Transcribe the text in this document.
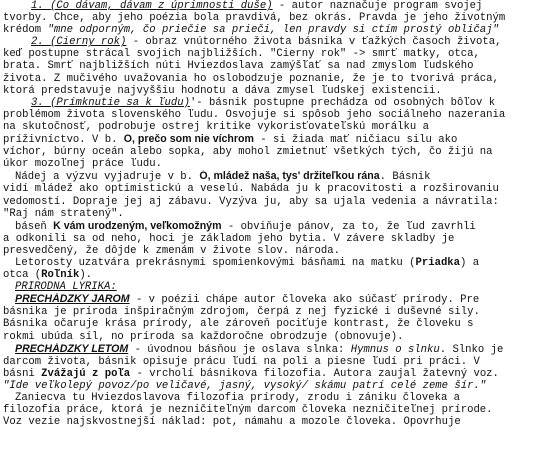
1. (Čo dávam, dávam z úprimnosti duše) - autor naznačuje program svojej
tvorby. Chce, aby jeho poézia bola pravdivá, bez okrás. Pravda je jeho životným
krédom "mne odporným, čo priečie sa prieči, len pravdy si ctím prostý obličaj"
2. (Čierny rok) - obraz vnútorného života básnika v ťažkých časoch života,
keď postupne strácal svojich najbližších. "Čierny rok" -> smrť matky, otca,
brata. Smrť najbližších núti Hviezdoslava zamýšľať sa nad zmyslom ľudského
života. Z mučivého uvažovania ho oslobodzuje poznanie, že je to tvorivá práca,
ktorá predstavuje najvyššiu hodnotu a dáva zmysel ľudskej existencii.
3. (Prímknutie sa k ľudu)'- básnik postupne prechádza od osobných bôľov k
problémom života slovenského ľudu. Osvojuje si spôsob jeho sociálneho nazerania
na skutočnosť, podrobuje ostrej kritike vykorisťovateľskú morálku a
príživníctvo. V b. O, prečo som nie víchrom - si žiada mať ničiacu silu ako
víchor, búrny oceán alebo sopka, aby mohol zmietnuť všetkých tých, čo žijú na
úkor mozoľnej práce ľudu.
Nádej a výzvu vyjadruje v b. Ó, mládež naša, tys' držiteľkou rána. Básnik
vidí mládež ako optimistickú a veselú. Nabáda ju k pracovitosti a rozširovaniu
vedomostí. Dopraje jej aj zábavu. Vyzýva ju, aby sa ujala vedenia a návratila:
"Raj nám stratený".
báseň K vám urodzeným, veľkomožným - obviňuje pánov, za to, že ľud zavrhli
a odkonili sa od neho, hoci je základom jeho bytia. V závere skladby je
presvedčený, že dôjde k zmenám v živote slov. národa.
Letorosty uzatvára prekrásnymi spomienkovými básňami na matku (Priadka) a
otca (Roľník).
PRÍRODNÁ LYRIKA:
PRECHÁDZKY JAROM - v poézii chápe autor človeka ako súčasť prírody. Pre
básnika je príroda inšpiračným zdrojom, čerpá z nej fyzické i duševné sily.
Básnika očaruje krása prírody, ale zároveň pociťuje kontrast, že človeku s
rokmi ubúda síl, no príroda sa každoročne obrodzuje (obnovuje).
PRECHÁDZKY LETOM - úvodnou básňou je oslava slnka: Hymnus o slnku. Slnko je
darcom života, básnik opisuje prácu ľudí na poli a piesne ľudí pri práci. V
básni Zvážajú z poľa - vrcholí básnikova filozofia. Autora zaujal žatevný voz.
"Ide veľkolepý povoz/po veličavé, jasný, vysoký/ skámu patrí celé zeme šír."
Zaniecva tu Hviezdoslavova filozofia prírody, zrodu i zániku človeka a
filozofia práce, ktorá je nezničiteľným darcom človeka nezničiteľnej prírode.
Voz vezie najskvostnejší náklad: pot, námahu a mozole človeka. Opovrhuje
